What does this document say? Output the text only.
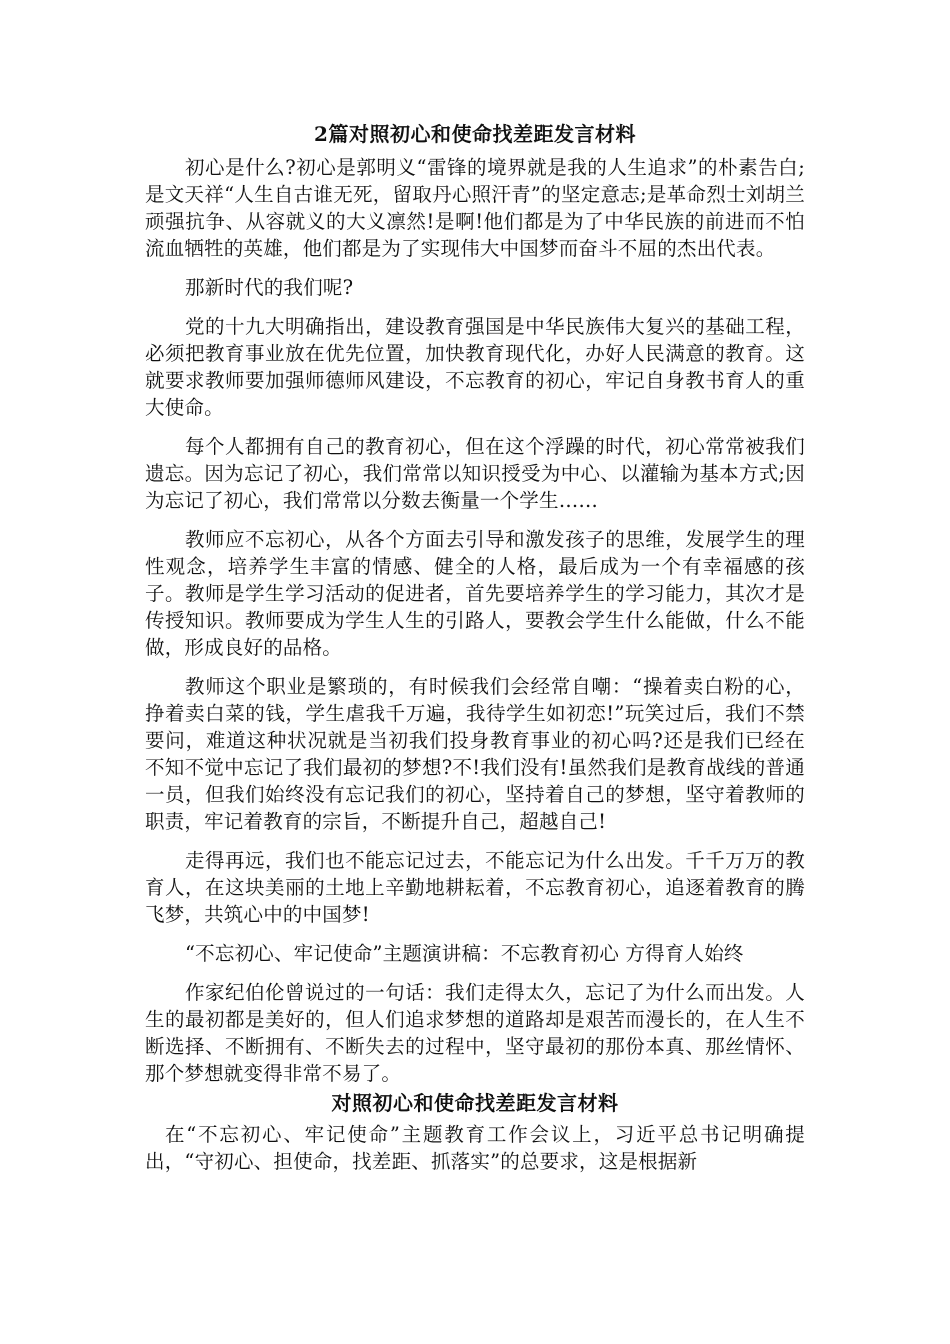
2篇对照初心和使命找差距发言材料

初心是什么?初心是郭明义“雷锋的境界就是我的人生追求”的朴素告白;是文天祥“人生自古谁无死，留取丹心照汗青”的坚定意志;是革命烈士刘胡兰顽强抗争、从容就义的大义凛然!是啊!他们都是为了中华民族的前进而不怕流血牺牲的英雄，他们都是为了实现伟大中国梦而奋斗不屈的杰出代表。

那新时代的我们呢?

党的十九大明确指出，建设教育强国是中华民族伟大复兴的基础工程，必须把教育事业放在优先位置，加快教育现代化，办好人民满意的教育。这就要求教师要加强师德师风建设，不忘教育的初心，牢记自身教书育人的重大使命。

每个人都拥有自己的教育初心，但在这个浮躁的时代，初心常常被我们遗忘。因为忘记了初心，我们常常以知识授受为中心、以灌输为基本方式;因为忘记了初心，我们常常以分数去衡量一个学生……

教师应不忘初心，从各个方面去引导和激发孩子的思维，发展学生的理性观念，培养学生丰富的情感、健全的人格，最后成为一个有幸福感的孩子。教师是学生学习活动的促进者，首先要培养学生的学习能力，其次才是传授知识。教师要成为学生人生的引路人，要教会学生什么能做，什么不能做，形成良好的品格。

教师这个职业是繁琐的，有时候我们会经常自嘲：“操着卖白粉的心，挣着卖白菜的钱，学生虐我千万遍，我待学生如初恋!”玩笑过后，我们不禁要问，难道这种状况就是当初我们投身教育事业的初心吗?还是我们已经在不知不觉中忘记了我们最初的梦想?不!我们没有!虽然我们是教育战线的普通一员，但我们始终没有忘记我们的初心，坚持着自己的梦想，坚守着教师的职责，牢记着教育的宗旨，不断提升自己，超越自己!

走得再远，我们也不能忘记过去，不能忘记为什么出发。千千万万的教育人，在这块美丽的土地上辛勤地耕耘着，不忘教育初心，追逐着教育的腾飞梦，共筑心中的中国梦!

“不忘初心、牢记使命”主题演讲稿：不忘教育初心 方得育人始终

作家纪伯伦曾说过的一句话：我们走得太久，忘记了为什么而出发。人生的最初都是美好的，但人们追求梦想的道路却是艰苦而漫长的，在人生不断选择、不断拥有、不断失去的过程中，坚守最初的那份本真、那丝情怀、那个梦想就变得非常不易了。

对照初心和使命找差距发言材料

在“不忘初心、牢记使命”主题教育工作会议上，习近平总书记明确提出，“守初心、担使命，找差距、抓落实”的总要求，这是根据新
